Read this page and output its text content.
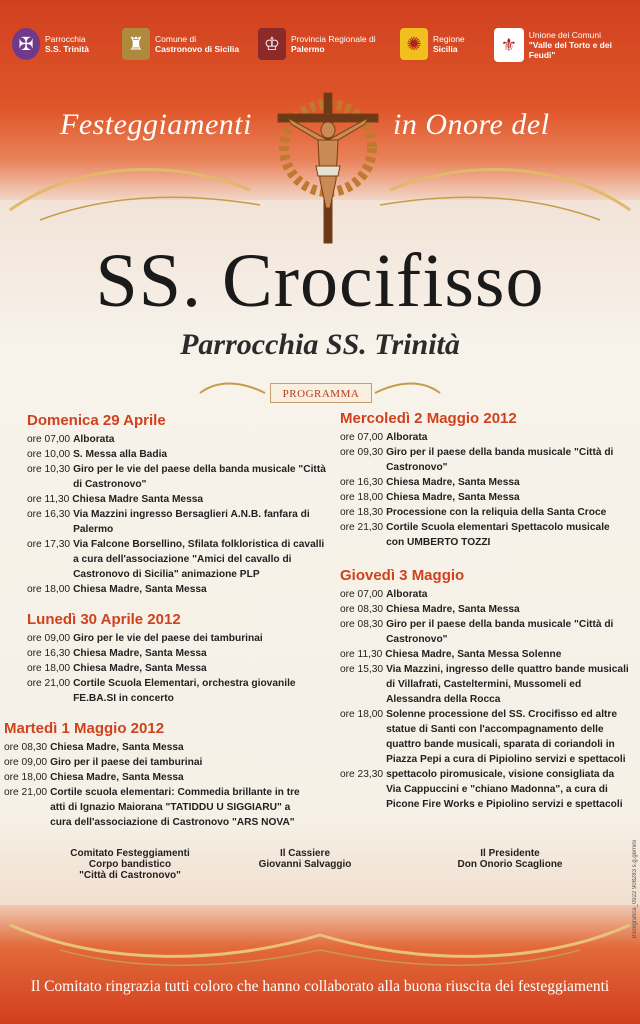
✠	Parrocchia
S.S. Trinità	♜	Comune di
Castronovo di Sicilia	♔	Provincia Regionale di
Palermo	✺	Regione
Sicilia	⚜	Unione dei Comuni
"Valle del Torto e dei Feudi"
Festeggiamenti	in Onore del
SS. Crocifisso
Parrocchia SS. Trinità
PROGRAMMA
Domenica 29 Aprile
ore 07,00 Alborata
ore 10,00 S. Messa alla Badia
ore 10,30 Giro per le vie del paese della banda musicale "Città di Castronovo"
ore 11,30 Chiesa Madre Santa Messa
ore 16,30 Via Mazzini ingresso Bersaglieri A.N.B. fanfara di Palermo
ore 17,30 Via Falcone Borsellino, Sfilata folkloristica di cavalli a cura dell'associazione "Amici del cavallo di Castronovo di Sicilia" animazione PLP
ore 18,00 Chiesa Madre, Santa Messa
Lunedì 30 Aprile 2012
ore 09,00 Giro per le vie del paese dei tamburinai
ore 16,30 Chiesa Madre, Santa Messa
ore 18,00 Chiesa Madre, Santa Messa
ore 21,00 Cortile Scuola Elementari, orchestra giovanile FE.BA.SI in concerto
Martedì 1 Maggio 2012
ore 08,30 Chiesa Madre, Santa Messa
ore 09,00 Giro per il paese dei tamburinai
ore 18,00 Chiesa Madre, Santa Messa
ore 21,00 Cortile scuola elementari: Commedia brillante in tre atti di Ignazio Maiorana "TATIDDU U SIGGIARU" a cura dell'associazione di Castronovo "ARS NOVA"
Mercoledì 2 Maggio 2012
ore 07,00 Alborata
ore 09,30 Giro per il paese della banda musicale "Città di Castronovo"
ore 16,30 Chiesa Madre, Santa Messa
ore 18,00 Chiesa Madre, Santa Messa
ore 18,30 Processione con la reliquia della Santa Croce
ore 21,30 Cortile Scuola elementari Spettacolo musicale con UMBERTO TOZZI
Giovedì 3 Maggio
ore 07,00 Alborata
ore 08,30 Chiesa Madre, Santa Messa
ore 08,30 Giro per il paese della banda musicale "Città di Castronovo"
ore 11,30 Chiesa Madre, Santa Messa Solenne
ore 15,30 Via Mazzini, ingresso delle quattro bande musicali di Villafrati, Casteltermini, Mussomeli ed Alessandra della Rocca
ore 18,00 Solenne processione del SS. Crocifisso ed altre statue di Santi con l'accompagnamento delle quattro bande musicali, sparata di coriandoli in Piazza Pepi a cura di Pipiolino servizi e spettacoli
ore 23,30 spettacolo piromusicale, visione consigliata da Via Cappuccini e "chiano Madonna", a cura di Picone Fire Works e Pipiolino servizi e spettacoli
Comitato Festeggiamenti
Corpo bandistico
"Città di Castronovo"
Il Cassiere
Giovanni Salvaggio
Il Presidente
Don Onorio Scaglione	Bisolgrafica_0922 908283 s.g.gemini
Il Comitato ringrazia tutti coloro che hanno collaborato alla buona riuscita dei festeggiamenti
